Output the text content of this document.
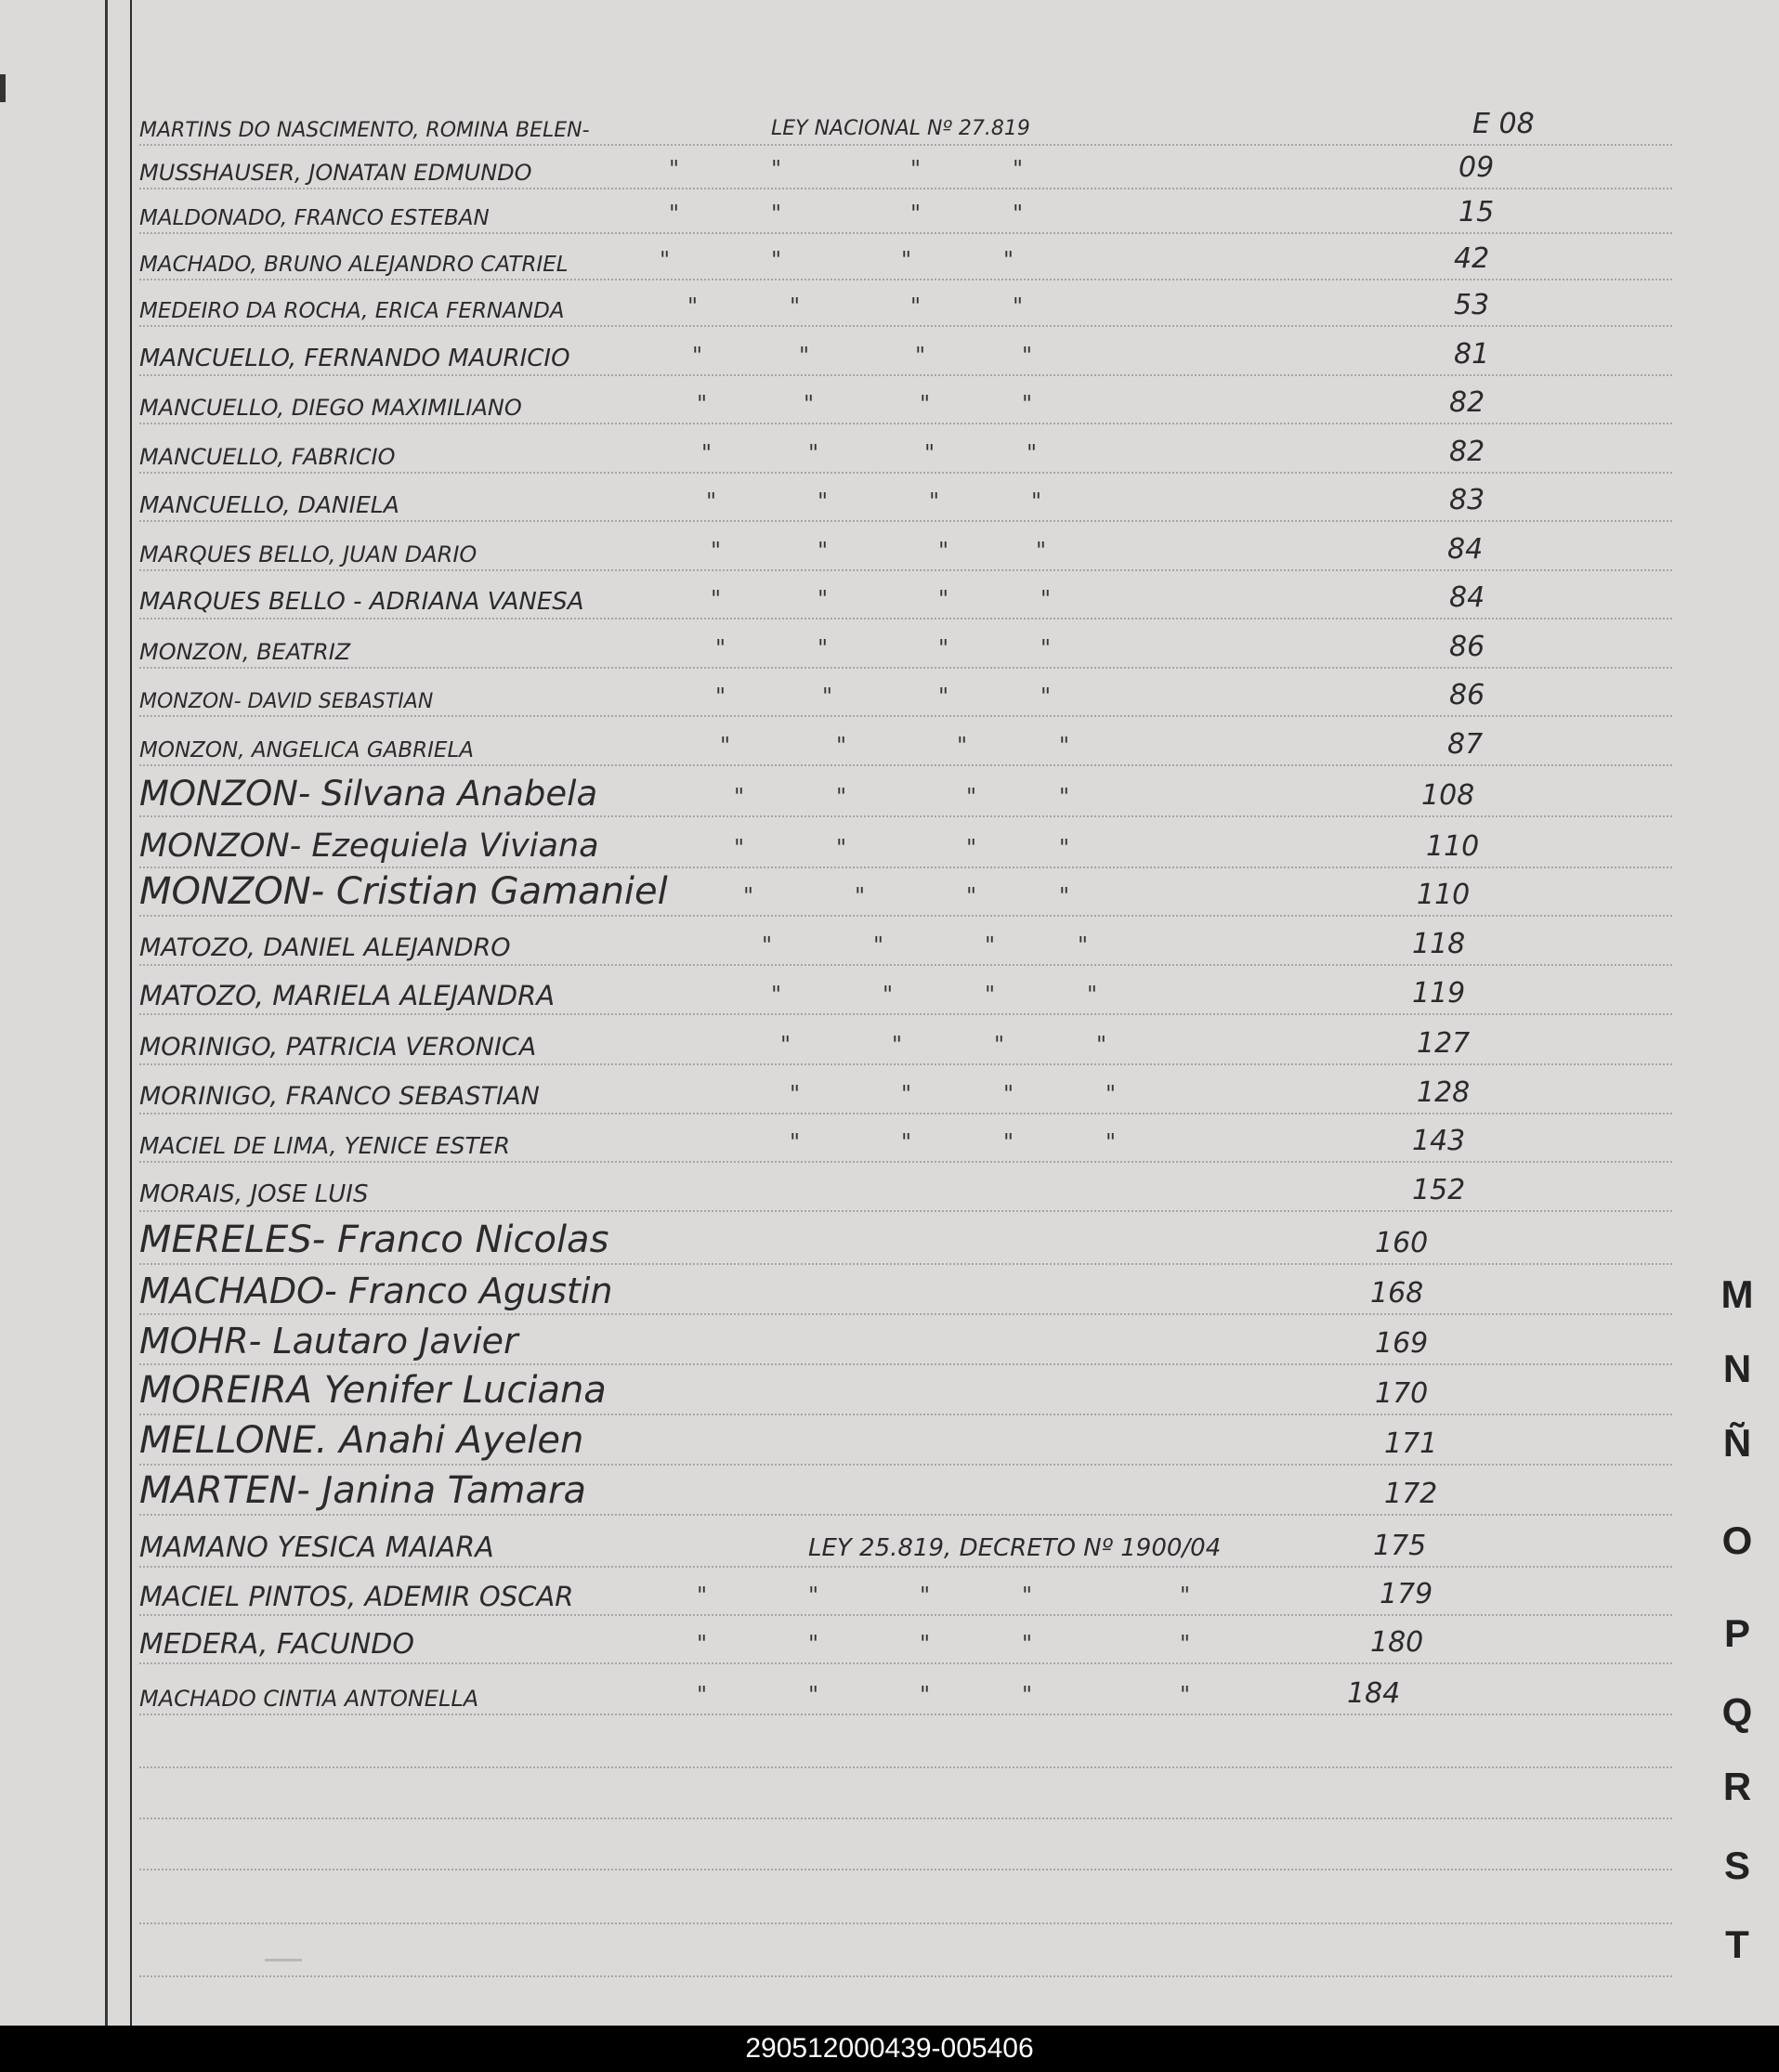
MARTINS DO NASCIMENTO, ROMINA BELEN-	LEY NACIONAL Nº 27.819	E 08
MUSSHAUSER, JONATAN EDMUNDO	"	"	"	"	09
MALDONADO, FRANCO ESTEBAN	"	"	"	"	15
MACHADO, BRUNO ALEJANDRO CATRIEL	"	"	"	"	42
MEDEIRO DA ROCHA, ERICA FERNANDA	"	"	"	"	53
MANCUELLO, FERNANDO MAURICIO	"	"	"	"	81
MANCUELLO, DIEGO MAXIMILIANO	"	"	"	"	82
MANCUELLO, FABRICIO	"	"	"	"	82
MANCUELLO, DANIELA	"	"	"	"	83
MARQUES BELLO, JUAN DARIO	"	"	"	"	84
MARQUES BELLO - ADRIANA VANESA	"	"	"	"	84
MONZON, BEATRIZ	"	"	"	"	86
MONZON- DAVID SEBASTIAN	"	"	"	"	86
MONZON, ANGELICA GABRIELA	"	"	"	"	87
MONZON- Silvana Anabela	"	"	"	"	108
MONZON- Ezequiela Viviana	"	"	"	"	110
MONZON- Cristian Gamaniel	"	"	"	"	110
MATOZO, DANIEL ALEJANDRO	"	"	"	"	118
MATOZO, MARIELA ALEJANDRA	"	"	"	"	119
MORINIGO, PATRICIA VERONICA	"	"	"	"	127
MORINIGO, FRANCO SEBASTIAN	"	"	"	"	128
MACIEL DE LIMA, YENICE ESTER	"	"	"	"	143
MORAIS, JOSE LUIS	152
MERELES- Franco Nicolas	160
MACHADO- Franco Agustin	168
MOHR- Lautaro Javier	169
MOREIRA Yenifer Luciana	170
MELLONE. Anahi Ayelen	171
MARTEN- Janina Tamara	172
MAMANO YESICA MAIARA	LEY 25.819, DECRETO Nº 1900/04	175
MACIEL PINTOS, ADEMIR OSCAR	"	"	"	"	"	179
MEDERA, FACUNDO	"	"	"	"	"	180
MACHADO CINTIA ANTONELLA	"	"	"	"	"	184
M
N
Ñ
O
P
Q
R
S
T
290512000439-005406
